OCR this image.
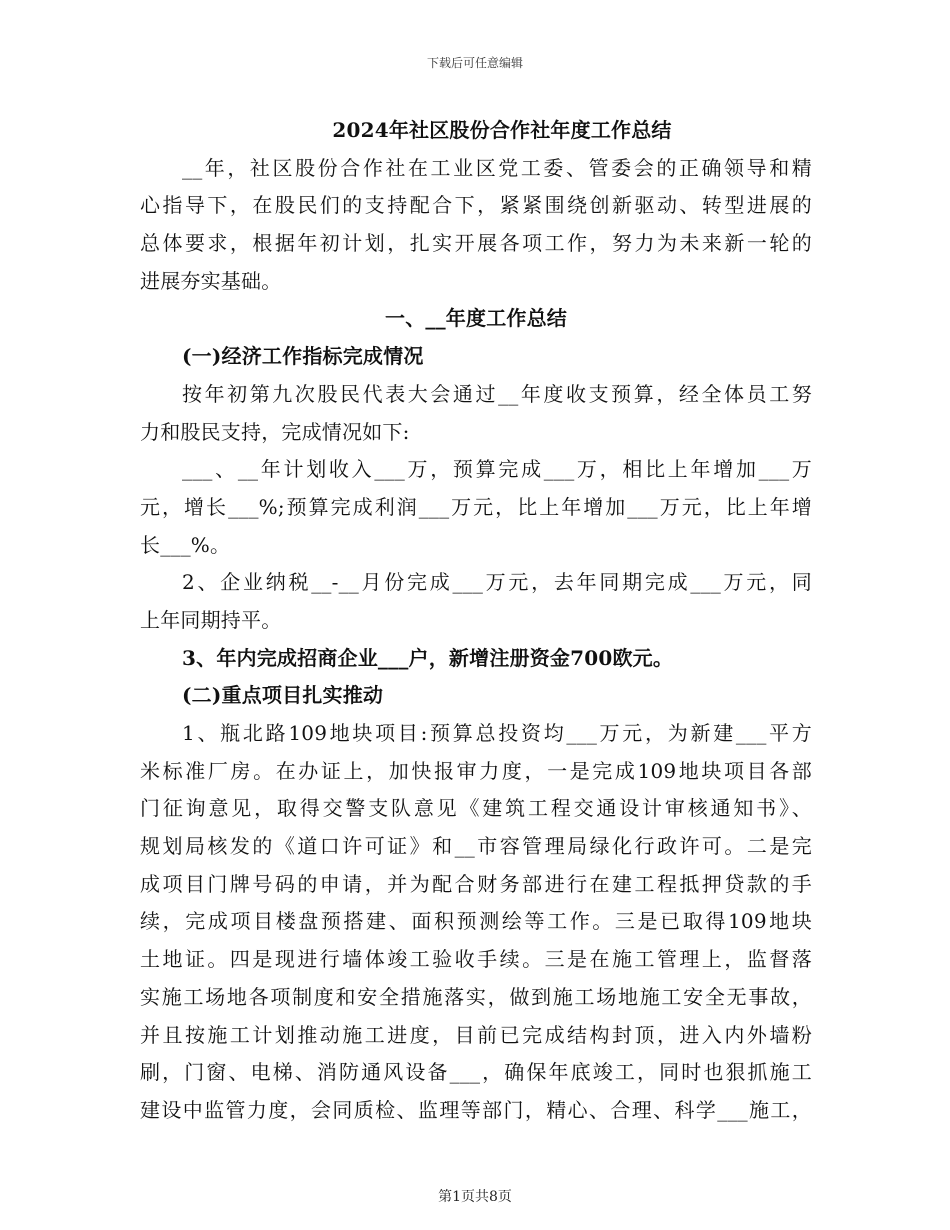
下载后可任意编辑
2024年社区股份合作社年度工作总结
__年，社区股份合作社在工业区党工委、管委会的正确领导和精
心指导下，在股民们的支持配合下，紧紧围绕创新驱动、转型进展的
总体要求，根据年初计划，扎实开展各项工作，努力为未来新一轮的
进展夯实基础。
一、__年度工作总结
(一)经济工作指标完成情况
按年初第九次股民代表大会通过__年度收支预算，经全体员工努
力和股民支持，完成情况如下:
___、__年计划收入___万，预算完成___万，相比上年增加___万
元，增长___%;预算完成利润___万元，比上年增加___万元，比上年增
长___%。
2、企业纳税__-__月份完成___万元，去年同期完成___万元，同
上年同期持平。
3、年内完成招商企业___户，新增注册资金700欧元。
(二)重点项目扎实推动
1、瓶北路109地块项目:预算总投资均___万元，为新建___平方
米标准厂房。在办证上，加快报审力度，一是完成109地块项目各部
门征询意见，取得交警支队意见《建筑工程交通设计审核通知书》、
规划局核发的《道口许可证》和__市容管理局绿化行政许可。二是完
成项目门牌号码的申请，并为配合财务部进行在建工程抵押贷款的手
续，完成项目楼盘预搭建、面积预测绘等工作。三是已取得109地块
土地证。四是现进行墙体竣工验收手续。三是在施工管理上，监督落
实施工场地各项制度和安全措施落实，做到施工场地施工安全无事故，
并且按施工计划推动施工进度，目前已完成结构封顶，进入内外墙粉
刷，门窗、电梯、消防通风设备___，确保年底竣工，同时也狠抓施工
建设中监管力度，会同质检、监理等部门，精心、合理、科学___施工，
第1页共8页
